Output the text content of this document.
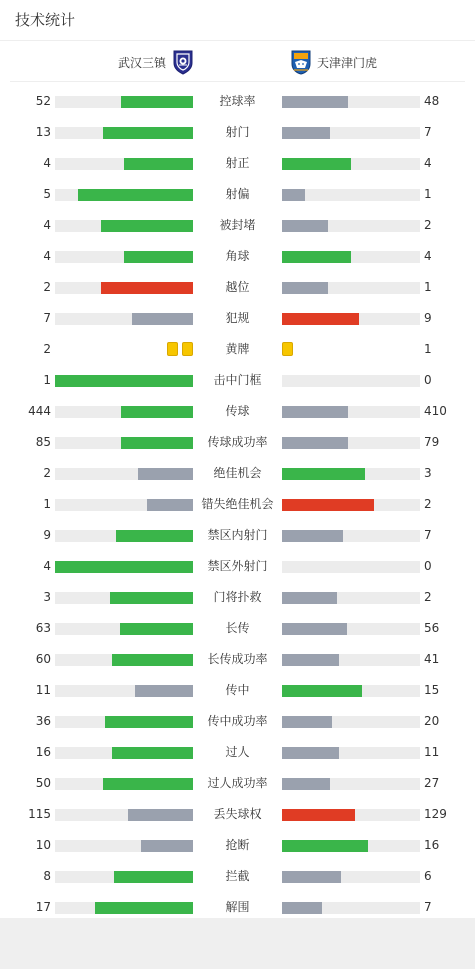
技术统计
武汉三镇	天津津门虎
52	控球率	48
13	射门	7
4	射正	4
5	射偏	1
4	被封堵	2
4	角球	4
2	越位	1
7	犯规	9
2	黄牌	1
1	击中门框	0
444	传球	410
85	传球成功率	79
2	绝佳机会	3
1	错失绝佳机会	2
9	禁区内射门	7
4	禁区外射门	0
3	门将扑救	2
63	长传	56
60	长传成功率	41
11	传中	15
36	传中成功率	20
16	过人	11
50	过人成功率	27
115	丢失球权	129
10	抢断	16
8	拦截	6
17	解围	7
